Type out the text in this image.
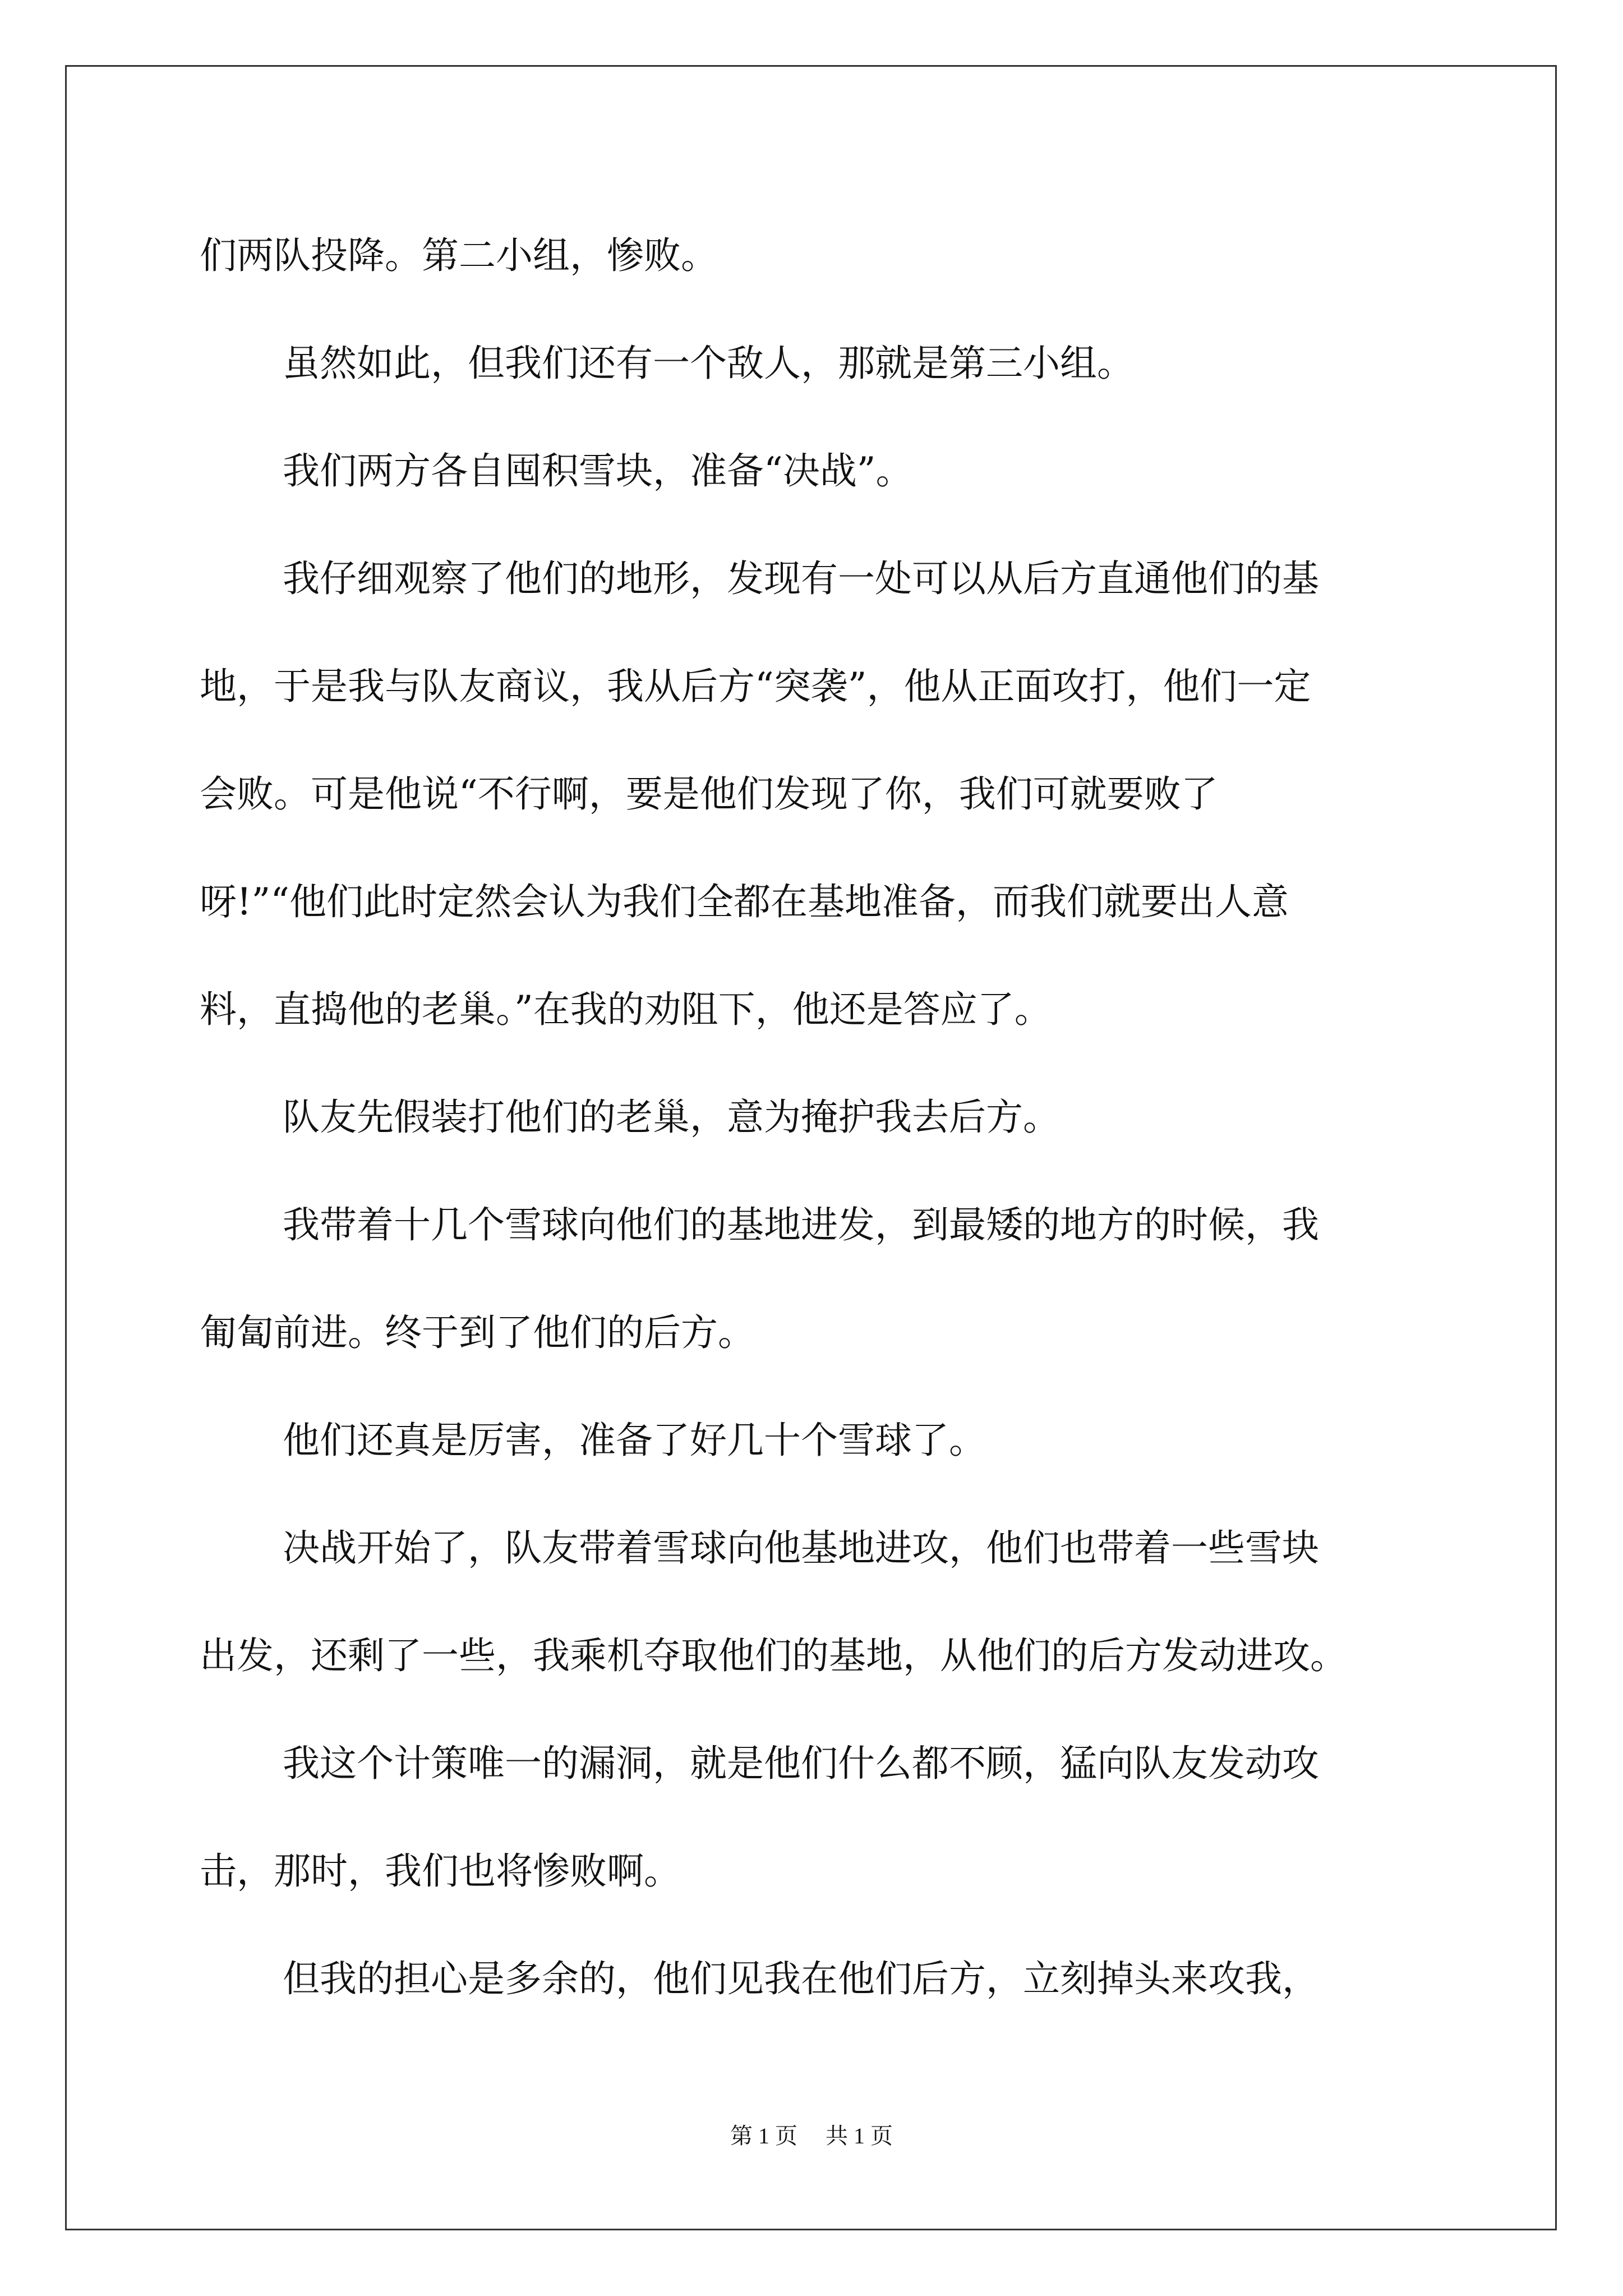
们两队投降。第二小组，惨败。
虽然如此，但我们还有一个敌人，那就是第三小组。
我们两方各自囤积雪块，准备“决战”。
我仔细观察了他们的地形，发现有一处可以从后方直通他们的基
地，于是我与队友商议，我从后方“突袭”，他从正面攻打，他们一定
会败。可是他说“不行啊，要是他们发现了你，我们可就要败了
呀!”“他们此时定然会认为我们全都在基地准备，而我们就要出人意
料，直捣他的老巢。”在我的劝阻下，他还是答应了。
队友先假装打他们的老巢，意为掩护我去后方。
我带着十几个雪球向他们的基地进发，到最矮的地方的时候，我
匍匐前进。终于到了他们的后方。
他们还真是厉害，准备了好几十个雪球了。
决战开始了，队友带着雪球向他基地进攻，他们也带着一些雪块
出发，还剩了一些，我乘机夺取他们的基地，从他们的后方发动进攻。
我这个计策唯一的漏洞，就是他们什么都不顾，猛向队友发动攻
击，那时，我们也将惨败啊。
但我的担心是多余的，他们见我在他们后方，立刻掉头来攻我，
第 1 页　 共 1 页
